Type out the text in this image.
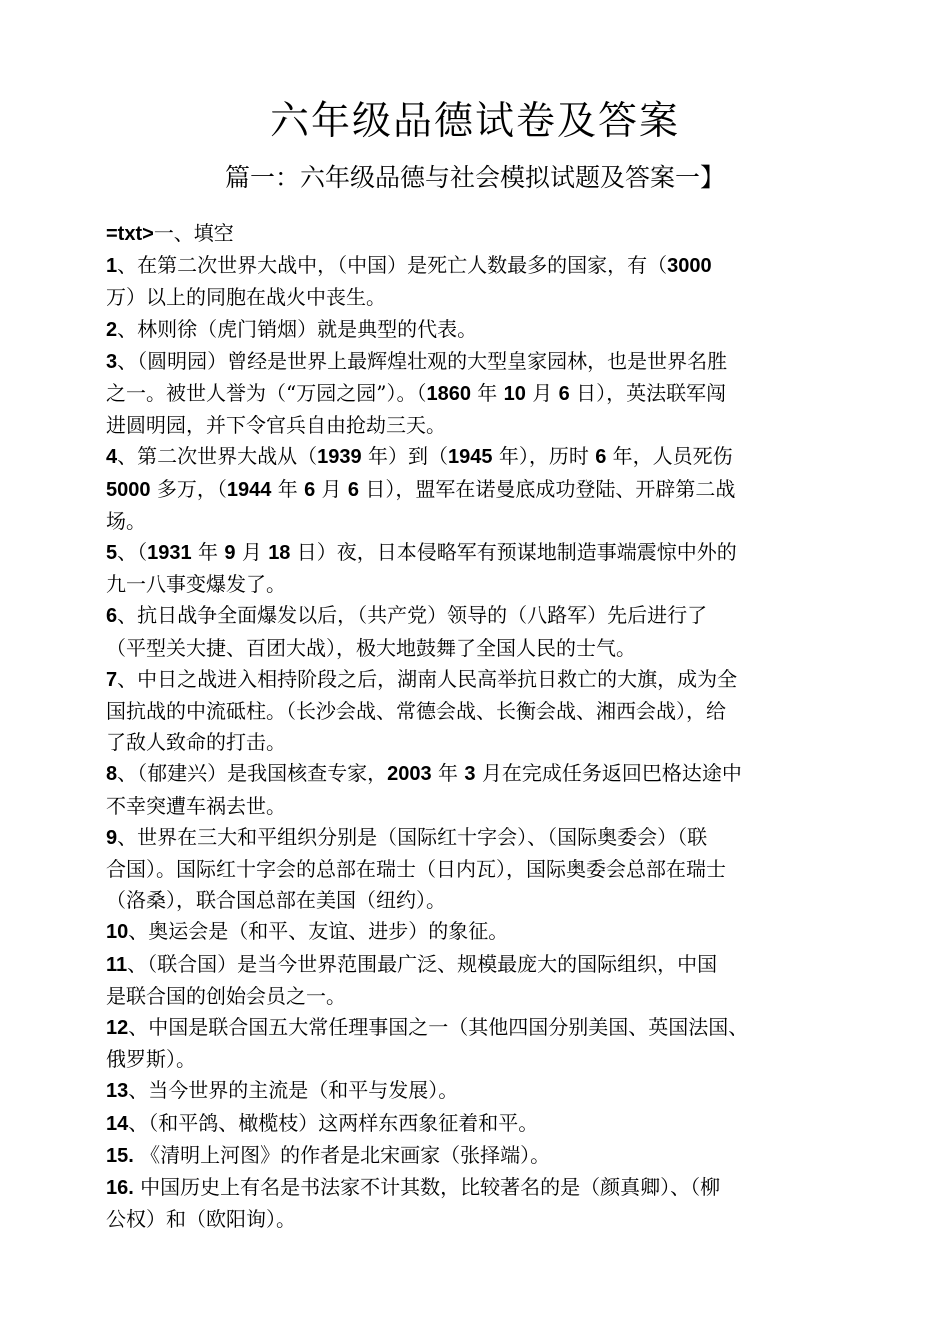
六年级品德试卷及答案
篇一：六年级品德与社会模拟试题及答案一】
=txt>一、填空
1、在第二次世界大战中，（中国）是死亡人数最多的国家，有（3000
万）以上的同胞在战火中丧生。
2、林则徐（虎门销烟）就是典型的代表。
3、（圆明园）曾经是世界上最辉煌壮观的大型皇家园林，也是世界名胜
之一。被世人誉为（“万园之园”）。（1860 年 10 月 6 日），英法联军闯
进圆明园，并下令官兵自由抢劫三天。
4、第二次世界大战从（1939 年）到（1945 年），历时 6 年，人员死伤
5000 多万，（1944 年 6 月 6 日），盟军在诺曼底成功登陆、开辟第二战
场。
5、（1931 年 9 月 18 日）夜，日本侵略军有预谋地制造事端震惊中外的
九一八事变爆发了。
6、抗日战争全面爆发以后，（共产党）领导的（八路军）先后进行了
（平型关大捷、百团大战），极大地鼓舞了全国人民的士气。
7、中日之战进入相持阶段之后，湖南人民高举抗日救亡的大旗，成为全
国抗战的中流砥柱。（长沙会战、常德会战、长衡会战、湘西会战），给
了敌人致命的打击。
8、（郁建兴）是我国核查专家，2003 年 3 月在完成任务返回巴格达途中
不幸突遭车祸去世。
9、世界在三大和平组织分别是（国际红十字会）、（国际奥委会）（联
合国）。国际红十字会的总部在瑞士（日内瓦），国际奥委会总部在瑞士
（洛桑），联合国总部在美国（纽约）。
10、奥运会是（和平、友谊、进步）的象征。
11、（联合国）是当今世界范围最广泛、规模最庞大的国际组织，中国
是联合国的创始会员之一。
12、中国是联合国五大常任理事国之一（其他四国分别美国、英国法国、
俄罗斯）。
13、当今世界的主流是（和平与发展）。
14、（和平鸽、橄榄枝）这两样东西象征着和平。
15. 《清明上河图》的作者是北宋画家（张择端）。
16. 中国历史上有名是书法家不计其数，比较著名的是（颜真卿）、（柳
公权）和（欧阳询）。
